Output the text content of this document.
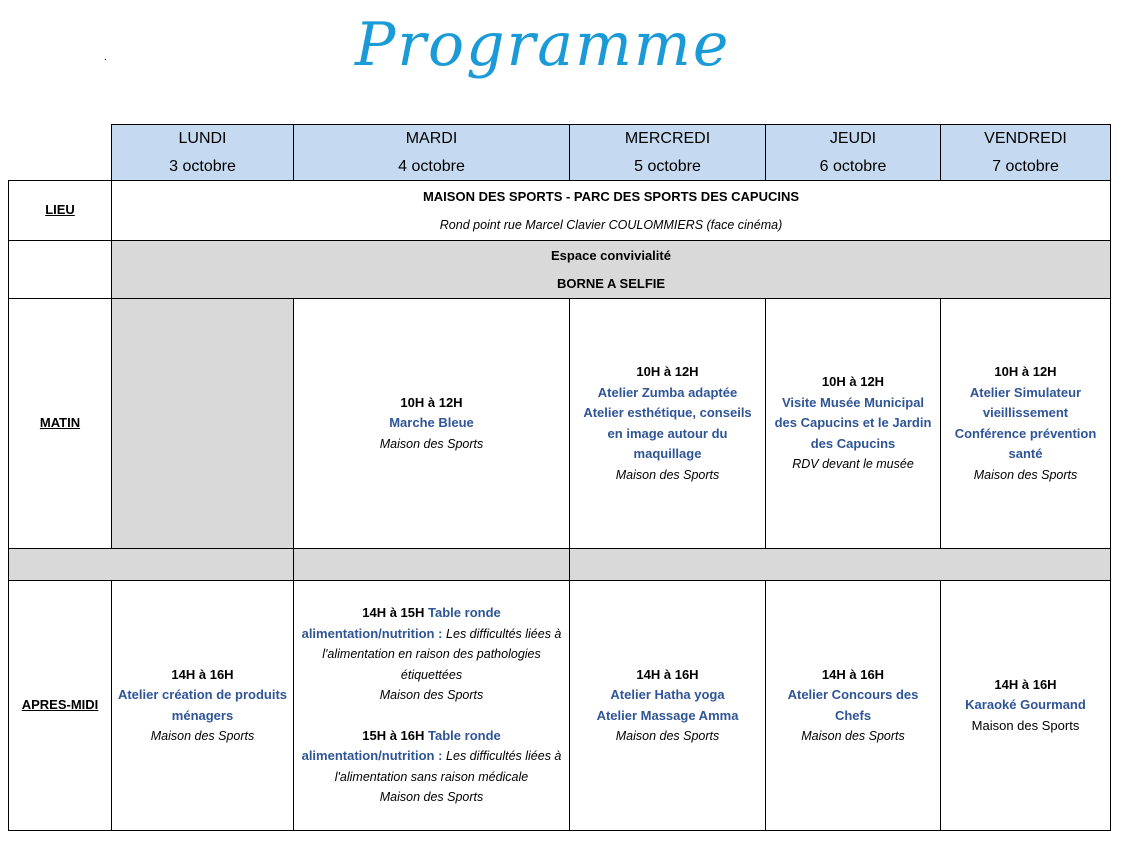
Programme
.
LUNDI
3 octobre
MARDI
4 octobre
MERCREDI
5 octobre
JEUDI
6 octobre
VENDREDI
7 octobre
LIEU
MAISON DES SPORTS - PARC DES SPORTS DES CAPUCINS
Rond point rue Marcel Clavier COULOMMIERS (face cinéma)
Espace convivialité
BORNE A SELFIE
MATIN
10H à 12H
Marche Bleue
Maison des Sports
10H à 12H
Atelier Zumba adaptée
Atelier esthétique, conseils en image autour du maquillage
Maison des Sports
10H à 12H
Visite Musée Municipal des Capucins et le Jardin des Capucins
RDV devant le musée
10H à 12H
Atelier Simulateur vieillissement
Conférence prévention santé
Maison des Sports
APRES-MIDI
14H à 16H
Atelier création de produits ménagers
Maison des Sports
14H à 15H Table ronde alimentation/nutrition : Les difficultés liées à l'alimentation en raison des pathologies étiquettées
Maison des Sports
15H à 16H Table ronde alimentation/nutrition : Les difficultés liées à l'alimentation sans raison médicale
Maison des Sports
14H à 16H
Atelier Hatha yoga
Atelier Massage Amma
Maison des Sports
14H à 16H
Atelier Concours des Chefs
Maison des Sports
14H à 16H
Karaoké Gourmand
Maison des Sports
